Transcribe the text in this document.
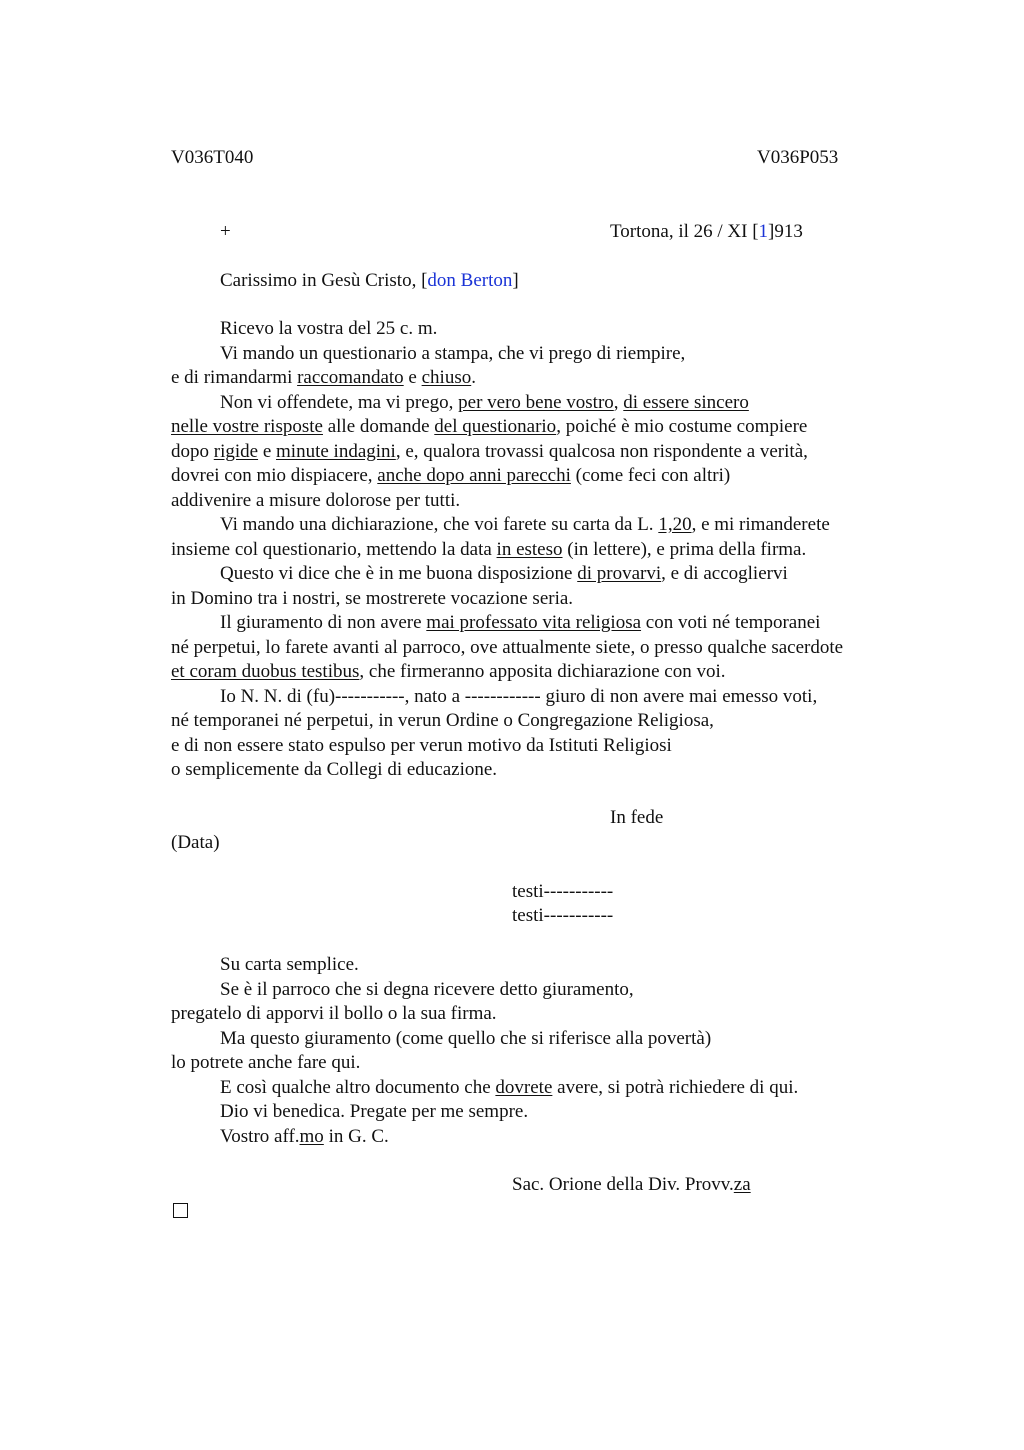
V036T040	V036P053
+	Tortona, il 26 / XI [1]913
Carissimo in Gesù Cristo, [don Berton]
Ricevo la vostra del 25 c. m.
Vi mando un questionario a stampa, che vi prego di riempire,
e di rimandarmi raccomandato e chiuso.
Non vi offendete, ma vi prego, per vero bene vostro, di essere sincero
nelle vostre risposte alle domande del questionario, poiché è mio costume compiere
dopo rigide e minute indagini, e, qualora trovassi qualcosa non rispondente a verità,
dovrei con mio dispiacere, anche dopo anni parecchi (come feci con altri)
addivenire a misure dolorose per tutti.
Vi mando una dichiarazione, che voi farete su carta da L. 1,20, e mi rimanderete
insieme col questionario, mettendo la data in esteso (in lettere), e prima della firma.
Questo vi dice che è in me buona disposizione di provarvi, e di accogliervi
in Domino tra i nostri, se mostrerete vocazione seria.
Il giuramento di non avere mai professato vita religiosa con voti né temporanei
né perpetui, lo farete avanti al parroco, ove attualmente siete, o presso qualche sacerdote
et coram duobus testibus, che firmeranno apposita dichiarazione con voi.
Io N. N. di (fu)-----------, nato a ------------ giuro di non avere mai emesso voti,
né temporanei né perpetui, in verun Ordine o Congregazione Religiosa,
e di non essere stato espulso per verun motivo da Istituti Religiosi
o semplicemente da Collegi di educazione.
In fede
(Data)
testi-----------
testi-----------
Su carta semplice.
Se è il parroco che si degna ricevere detto giuramento,
pregatelo di apporvi il bollo o la sua firma.
Ma questo giuramento (come quello che si riferisce alla povertà)
lo potrete anche fare qui.
E così qualche altro documento che dovrete avere, si potrà richiedere di qui.
Dio vi benedica. Pregate per me sempre.
Vostro aff.mo in G. C.
Sac. Orione della Div. Provv.za
